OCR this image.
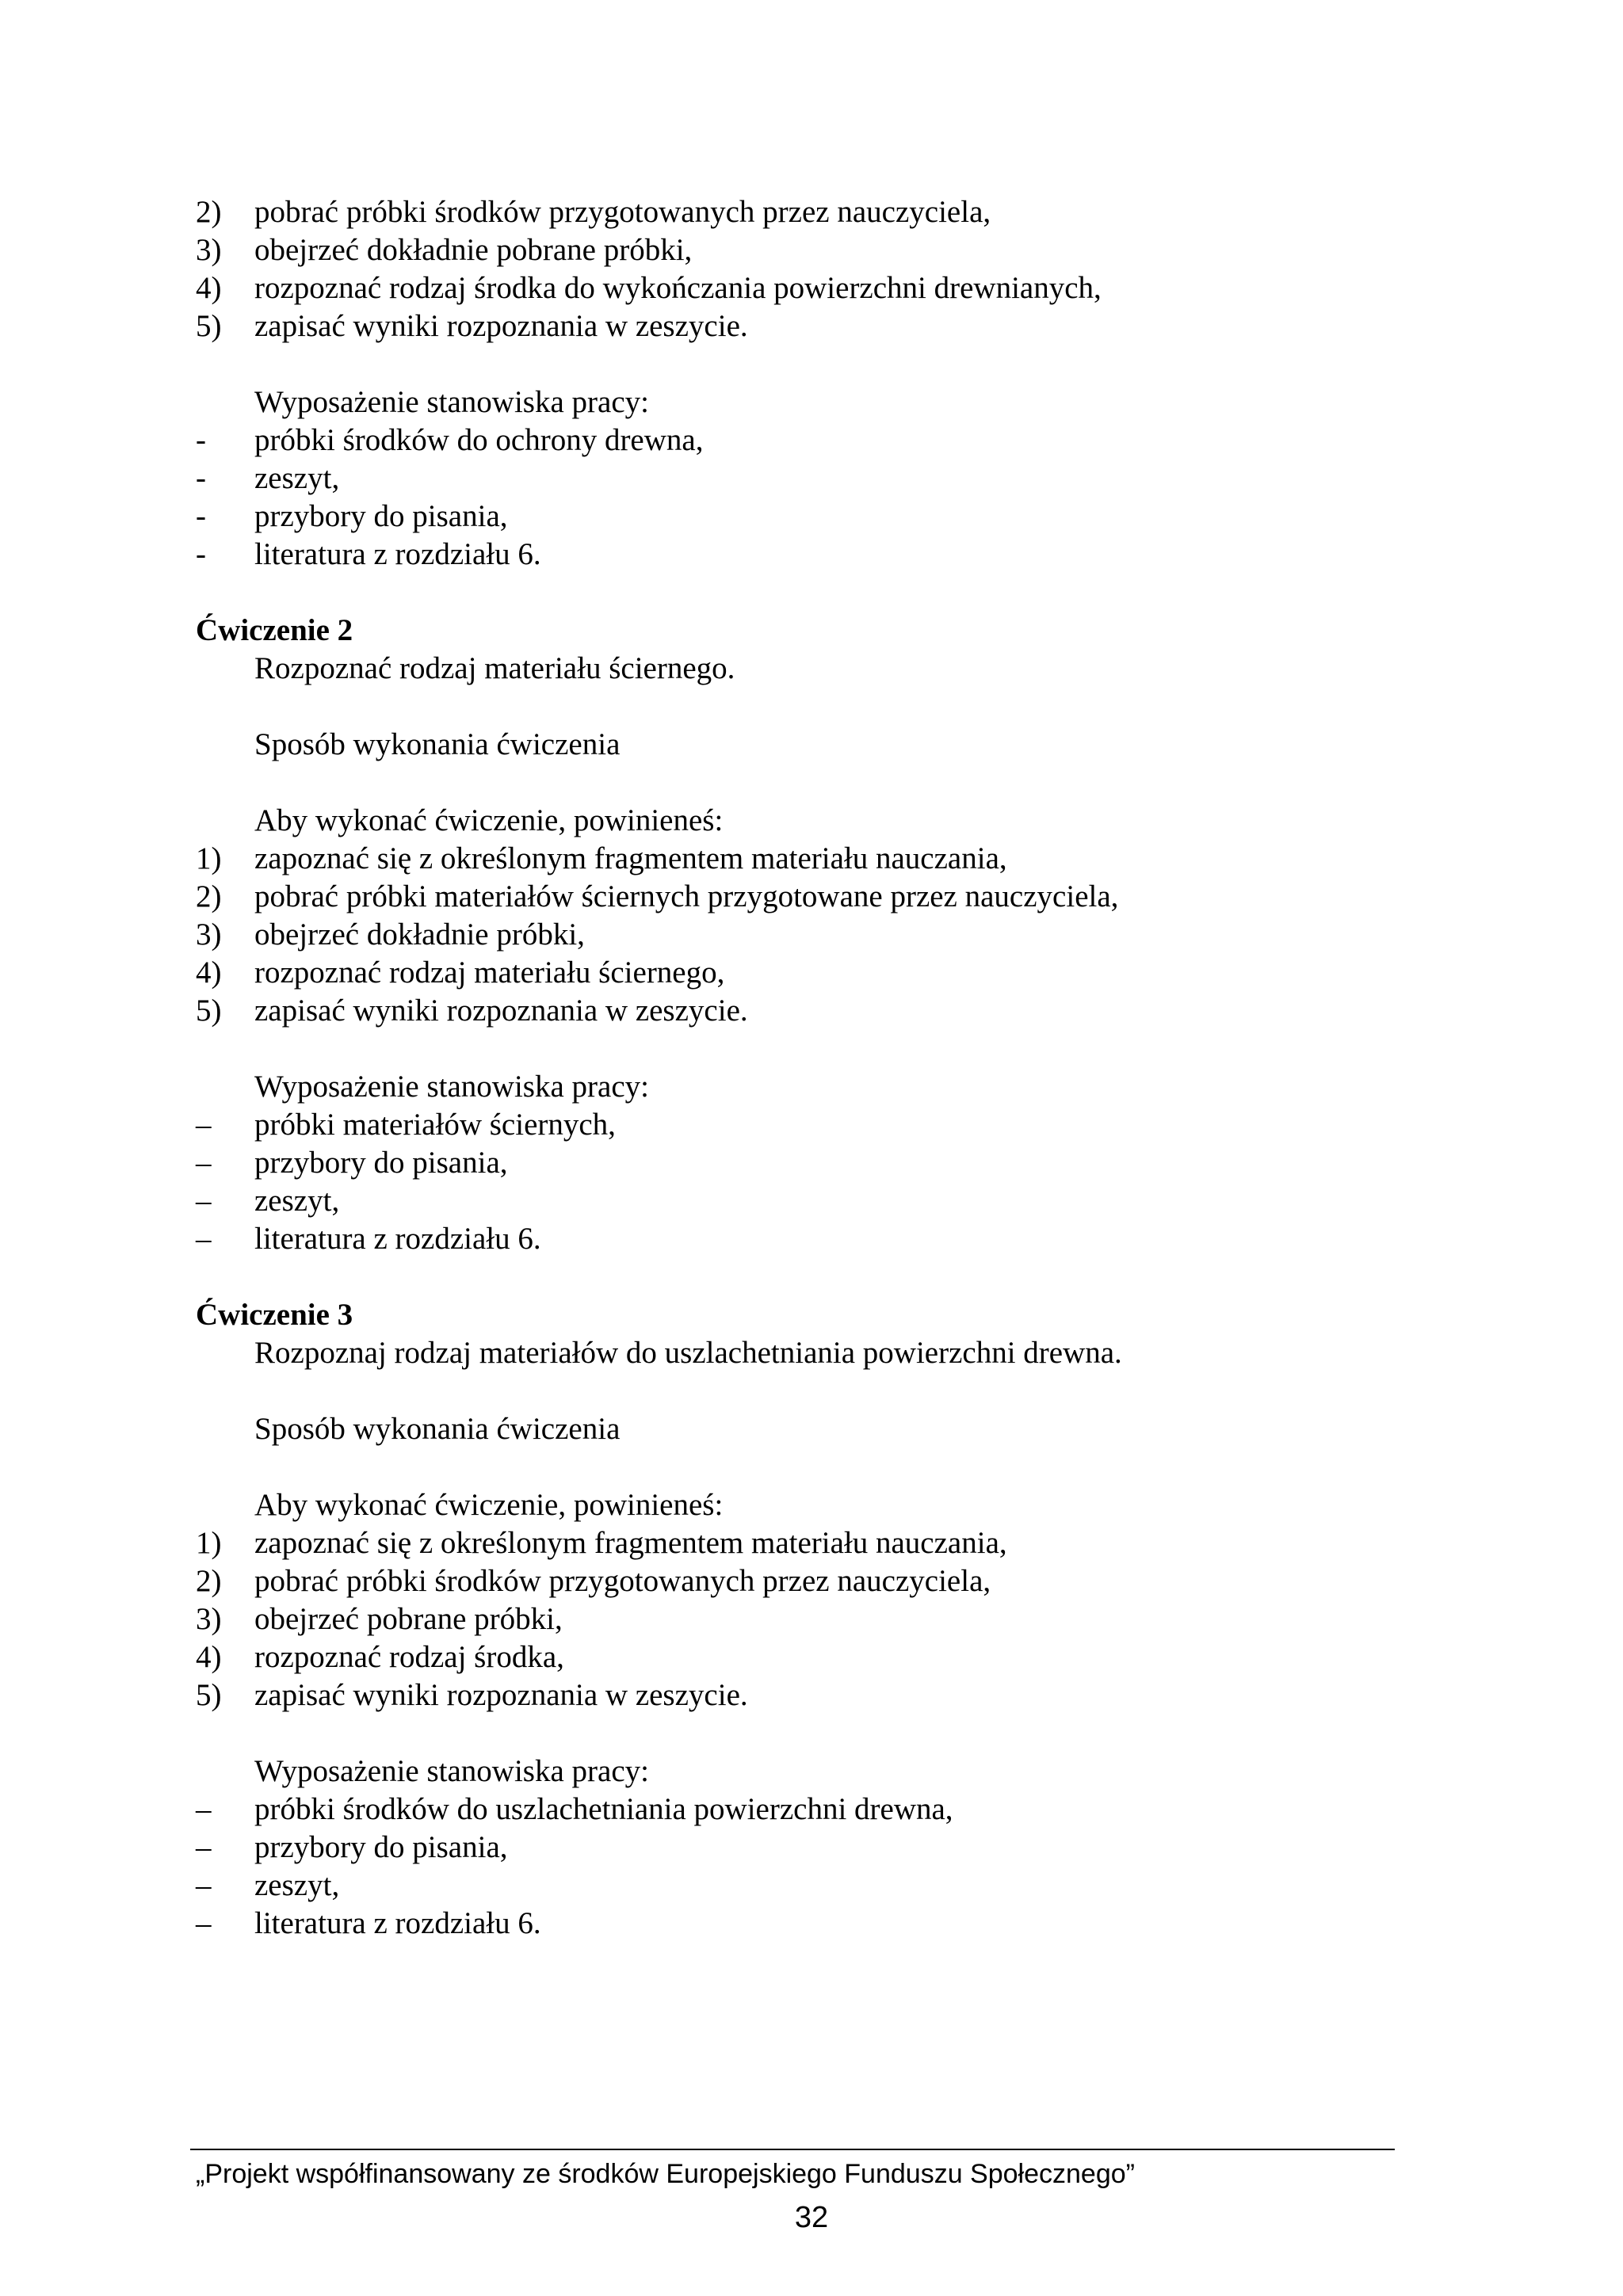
2) pobrać próbki środków przygotowanych przez nauczyciela,
3) obejrzeć dokładnie pobrane próbki,
4) rozpoznać rodzaj środka do wykończania powierzchni drewnianych,
5) zapisać wyniki rozpoznania w zeszycie.
Wyposażenie stanowiska pracy:
- próbki środków do ochrony drewna,
- zeszyt,
- przybory do pisania,
- literatura z rozdziału 6.
Ćwiczenie 2
Rozpoznać rodzaj materiału ściernego.
Sposób wykonania ćwiczenia
Aby wykonać ćwiczenie, powinieneś:
1) zapoznać się z określonym fragmentem materiału nauczania,
2) pobrać próbki materiałów ściernych przygotowane przez nauczyciela,
3) obejrzeć dokładnie próbki,
4) rozpoznać rodzaj materiału ściernego,
5) zapisać wyniki rozpoznania w zeszycie.
Wyposażenie stanowiska pracy:
– próbki materiałów ściernych,
– przybory do pisania,
– zeszyt,
– literatura z rozdziału 6.
Ćwiczenie 3
Rozpoznaj rodzaj materiałów do uszlachetniania powierzchni drewna.
Sposób wykonania ćwiczenia
Aby wykonać ćwiczenie, powinieneś:
1) zapoznać się z określonym fragmentem materiału nauczania,
2) pobrać próbki środków przygotowanych przez nauczyciela,
3) obejrzeć pobrane próbki,
4) rozpoznać rodzaj środka,
5) zapisać wyniki rozpoznania w zeszycie.
Wyposażenie stanowiska pracy:
– próbki środków do uszlachetniania powierzchni drewna,
– przybory do pisania,
– zeszyt,
– literatura z rozdziału 6.
„Projekt współfinansowany ze środków Europejskiego Funduszu Społecznego”
32
